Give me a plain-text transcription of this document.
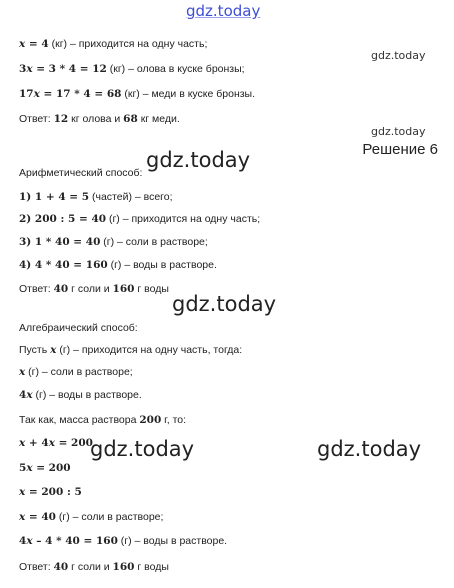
gdz.today
gdz.today
gdz.today
gdz.today
gdz.today
gdz.today	gdz.today
Решение 6
x = 4 (кг) – приходится на одну часть;
3x = 3 * 4 = 12 (кг) – олова в куске бронзы;
17x = 17 * 4 = 68 (кг) – меди в куске бронзы.
Ответ: 12 кг олова и 68 кг меди.
Арифметический способ:
1) 1 + 4 = 5 (частей) – всего;
2) 200 : 5 = 40 (г) – приходится на одну часть;
3) 1 * 40 = 40 (г) – соли в растворе;
4) 4 * 40 = 160 (г) – воды в растворе.
Ответ: 40 г соли и 160 г воды
Алгебраический способ:
Пусть x (г) – приходится на одну часть, тогда:
x (г) – соли в растворе;
4x (г) – воды в растворе.
Так как, масса раствора 200 г, то:
x + 4x = 200
5x = 200
x = 200 : 5
x = 40 (г) – соли в растворе;
4x – 4 * 40 = 160 (г) – воды в растворе.
Ответ: 40 г соли и 160 г воды
